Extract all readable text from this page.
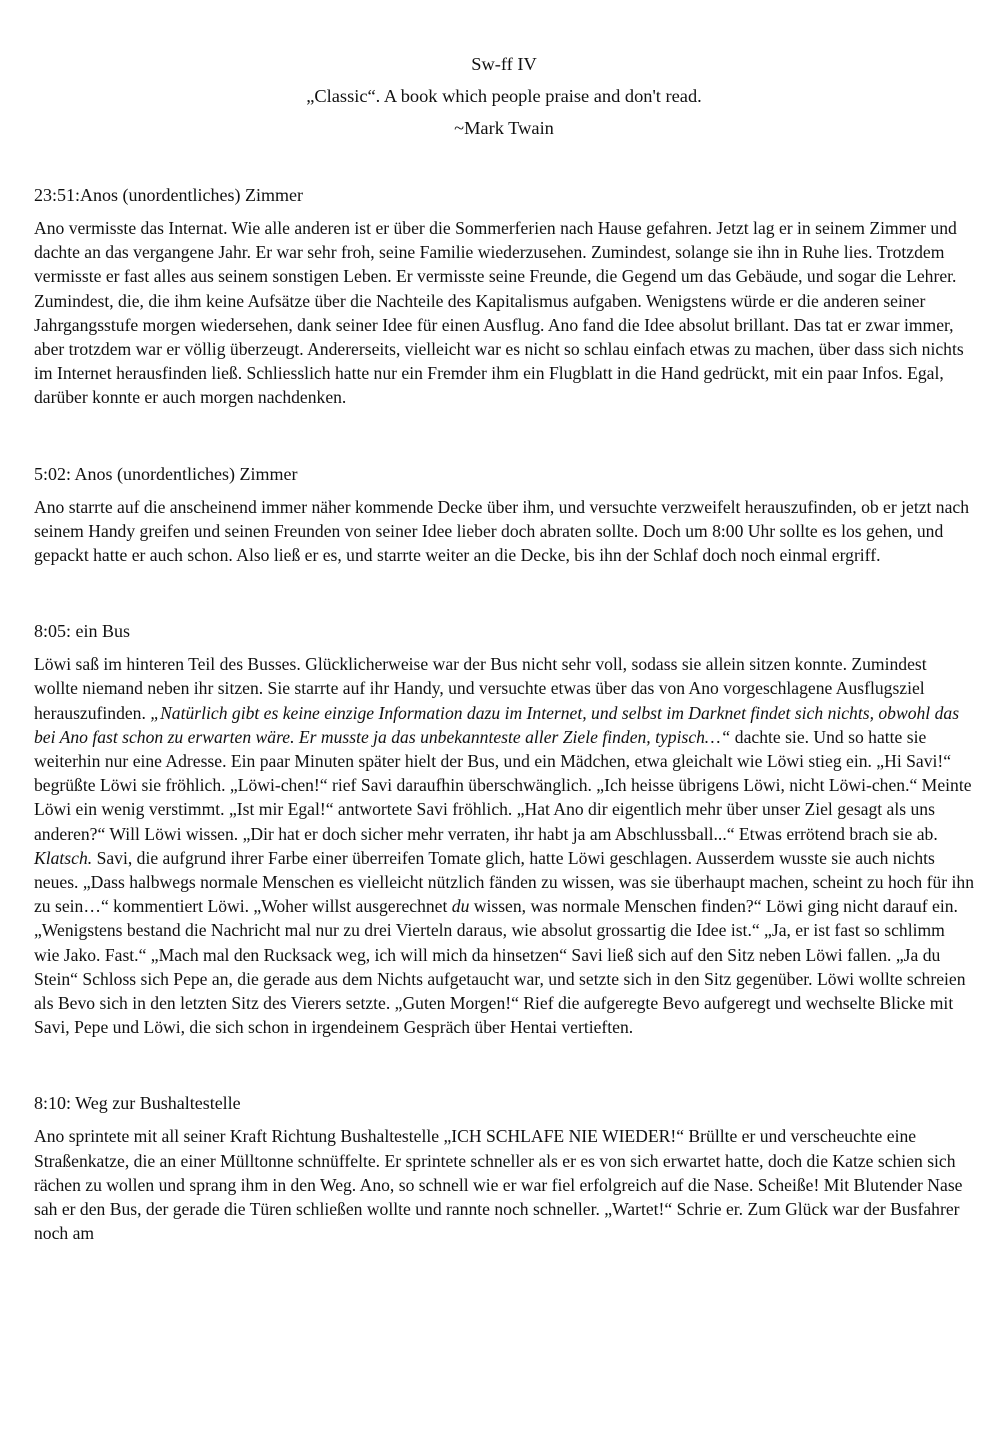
Sw-ff IV
„Classic“. A book which people praise and don't read.
~Mark Twain
23:51:Anos (unordentliches) Zimmer

Ano vermisste das Internat. Wie alle anderen ist er über die Sommerferien nach Hause gefahren. Jetzt lag er in seinem Zimmer und dachte an das vergangene Jahr. Er war sehr froh, seine Familie wiederzusehen. Zumindest, solange sie ihn in Ruhe lies. Trotzdem vermisste er fast alles aus seinem sonstigen Leben. Er vermisste seine Freunde, die Gegend um das Gebäude, und sogar die Lehrer. Zumindest, die, die ihm keine Aufsätze über die Nachteile des Kapitalismus aufgaben. Wenigstens würde er die anderen seiner Jahrgangsstufe morgen wiedersehen, dank seiner Idee für einen Ausflug. Ano fand die Idee absolut brillant. Das tat er zwar immer, aber trotzdem war er völlig überzeugt. Andererseits, vielleicht war es nicht so schlau einfach etwas zu machen, über dass sich nichts im Internet herausfinden ließ. Schliesslich hatte nur ein Fremder ihm ein Flugblatt in die Hand gedrückt, mit ein paar Infos. Egal, darüber konnte er auch morgen nachdenken.

5:02: Anos (unordentliches) Zimmer

Ano starrte auf die anscheinend immer näher kommende Decke über ihm, und versuchte verzweifelt herauszufinden, ob er jetzt nach seinem Handy greifen und seinen Freunden von seiner Idee lieber doch abraten sollte. Doch um 8:00 Uhr sollte es los gehen, und gepackt hatte er auch schon. Also ließ er es, und starrte weiter an die Decke, bis ihn der Schlaf doch noch einmal ergriff.

8:05: ein Bus

Löwi saß im hinteren Teil des Busses. Glücklicherweise war der Bus nicht sehr voll, sodass sie allein sitzen konnte. Zumindest wollte niemand neben ihr sitzen. Sie starrte auf ihr Handy, und versuchte etwas über das von Ano vorgeschlagene Ausflugsziel herauszufinden. „Natürlich gibt es keine einzige Information dazu im Internet, und selbst im Darknet findet sich nichts, obwohl das bei Ano fast schon zu erwarten wäre. Er musste ja das unbekannteste aller Ziele finden, typisch…“ dachte sie. Und so hatte sie weiterhin nur eine Adresse. Ein paar Minuten später hielt der Bus, und ein Mädchen, etwa gleichalt wie Löwi stieg ein. „Hi Savi!“ begrüßte Löwi sie fröhlich. „Löwi-chen!“ rief Savi daraufhin überschwänglich. „Ich heisse übrigens Löwi, nicht Löwi-chen.“ Meinte Löwi ein wenig verstimmt. „Ist mir Egal!“ antwortete Savi fröhlich. „Hat Ano dir eigentlich mehr über unser Ziel gesagt als uns anderen?“ Will Löwi wissen. „Dir hat er doch sicher mehr verraten, ihr habt ja am Abschlussball...“ Etwas errötend brach sie ab. Klatsch. Savi, die aufgrund ihrer Farbe einer überreifen Tomate glich, hatte Löwi geschlagen. Ausserdem wusste sie auch nichts neues. „Dass halbwegs normale Menschen es vielleicht nützlich fänden zu wissen, was sie überhaupt machen, scheint zu hoch für ihn zu sein…“ kommentiert Löwi. „Woher willst ausgerechnet du wissen, was normale Menschen finden?“ Löwi ging nicht darauf ein. „Wenigstens bestand die Nachricht mal nur zu drei Vierteln daraus, wie absolut grossartig die Idee ist.“ „Ja, er ist fast so schlimm wie Jako. Fast.“ „Mach mal den Rucksack weg, ich will mich da hinsetzen“ Savi ließ sich auf den Sitz neben Löwi fallen. „Ja du Stein“ Schloss sich Pepe an, die gerade aus dem Nichts aufgetaucht war, und setzte sich in den Sitz gegenüber. Löwi wollte schreien als Bevo sich in den letzten Sitz des Vierers setzte. „Guten Morgen!“ Rief die aufgeregte Bevo aufgeregt und wechselte Blicke mit Savi, Pepe und Löwi, die sich schon in irgendeinem Gespräch über Hentai vertieften.

8:10: Weg zur Bushaltestelle

Ano sprintete mit all seiner Kraft Richtung Bushaltestelle „ICH SCHLAFE NIE WIEDER!“ Brüllte er und verscheuchte eine Straßenkatze, die an einer Mülltonne schnüffelte. Er sprintete schneller als er es von sich erwartet hatte, doch die Katze schien sich rächen zu wollen und sprang ihm in den Weg. Ano, so schnell wie er war fiel erfolgreich auf die Nase. Scheiße! Mit Blutender Nase sah er den Bus, der gerade die Türen schließen wollte und rannte noch schneller. „Wartet!“ Schrie er. Zum Glück war der Busfahrer noch am
